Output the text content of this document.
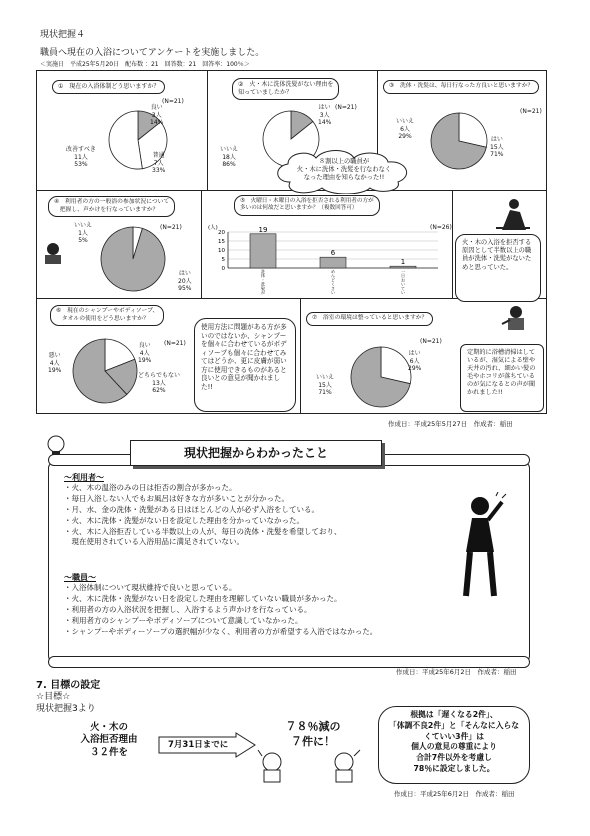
現状把握４
職員へ現在の入浴についてアンケートを実施しました。
＜実施日　平成25年5月20日　配布数 ：21　回答数：21　回答率：100％＞
①　現在の入浴体制どう思いますか？
(N=21)
良い
3人
14%
普通
7人
33%
改善すべき
11人
53%
②　火・木に洗体洗髪がない理由を
知っていましたか？
(N=21)
はい
3人
14%
いいえ
18人
86%
③　洗体・洗髪は、毎日行なった方良いと思いますか？
(N=21)
いいえ
6人
29%	はい
15人
71%
８割以上の職員が
火・木に洗体・洗髪を行なわなく
なった理由を知らなかった!!
④　利用者の方の一般浴の参加状況について
　把握し、声かけを行なっていますか？
(N=21)
いいえ
1人
5%
はい
20人
95%
⑤　火曜日・木曜日の入浴を拒否される利用者の方が
多いのは何故だと思いますか？（複数回答可）
(N=26)
(人)
20
15
10
5
0
19
洗
体
・
洗
髪
が
6
め
ん
ど
く
さ
い
1
一
日
お
い
て
い
火・木の入浴を拒否する原因として半数以上の職員が洗体・洗髪がないためと思っていた。
⑥　現在のシャンプーやボディソープ、
　タオルの使用をどう思いますか？
(N=21)
良い
4人
19%
悪い
4人
19%
どちらでもない
13人
62%
使用方法に問題がある方が多いのではないか、シャンプーを個々に合わせているがボディソープも個々に合わせてみてはどうか、更に皮膚が弱い方に使用できるものがあると良いとの意見が聞かれました!!
⑦　浴室の環境は整っていると思いますか？
(N=21)
はい
6人
29%
いいえ
15人
71%
定期的に浴槽清掃はしているが、湿気による壁や天井の汚れ、細かい髪の毛やホコリが落ちているのが気になるとの声が聞かれました!!
作成日：平成25年5月27日　作成者：稲田
現状把握からわかったこと
～利用者～
・火、木の温浴のみの日は拒否の割合が多かった。
・毎日入浴しない人でもお風呂は好きな方が多いことが分かった。
・月、水、金の洗体・洗髪がある日はほとんどの人が必ず入浴をしている。
・火、木に洗体・洗髪がない日を設定した理由を分かっていなかった。
・火、木に入浴拒否している半数以上の人が、毎日の洗体・洗髪を希望しており、
　現在使用されている入浴用品に満足されていない。
～職員～
・入浴体制について現状維持で良いと思っている。
・火、木に洗体・洗髪がない日を設定した理由を理解していない職員が多かった。
・利用者の方の入浴状況を把握し、入浴するよう声かけを行なっている。
・利用者方のシャンプーやボディソープについて意識していなかった。
・シャンプーやボディーソープの選択幅が少なく、利用者の方が希望する入浴ではなかった。
作成日：平成25年6月2日　作成者：稲田
7. 目標の設定
☆目標☆
現状把握3より
火・木の
入浴拒否理由
３２件を
7月31日までに
７８％減の
７件に！
根拠は「遅くなる2件」、
「体調不良2件」と「そんなに入らな
くていい3件」は
個人の意見の尊重により
合計7件以外を考慮し
78％に設定しました。
作成日：平成25年6月2日　作成者：稲田
